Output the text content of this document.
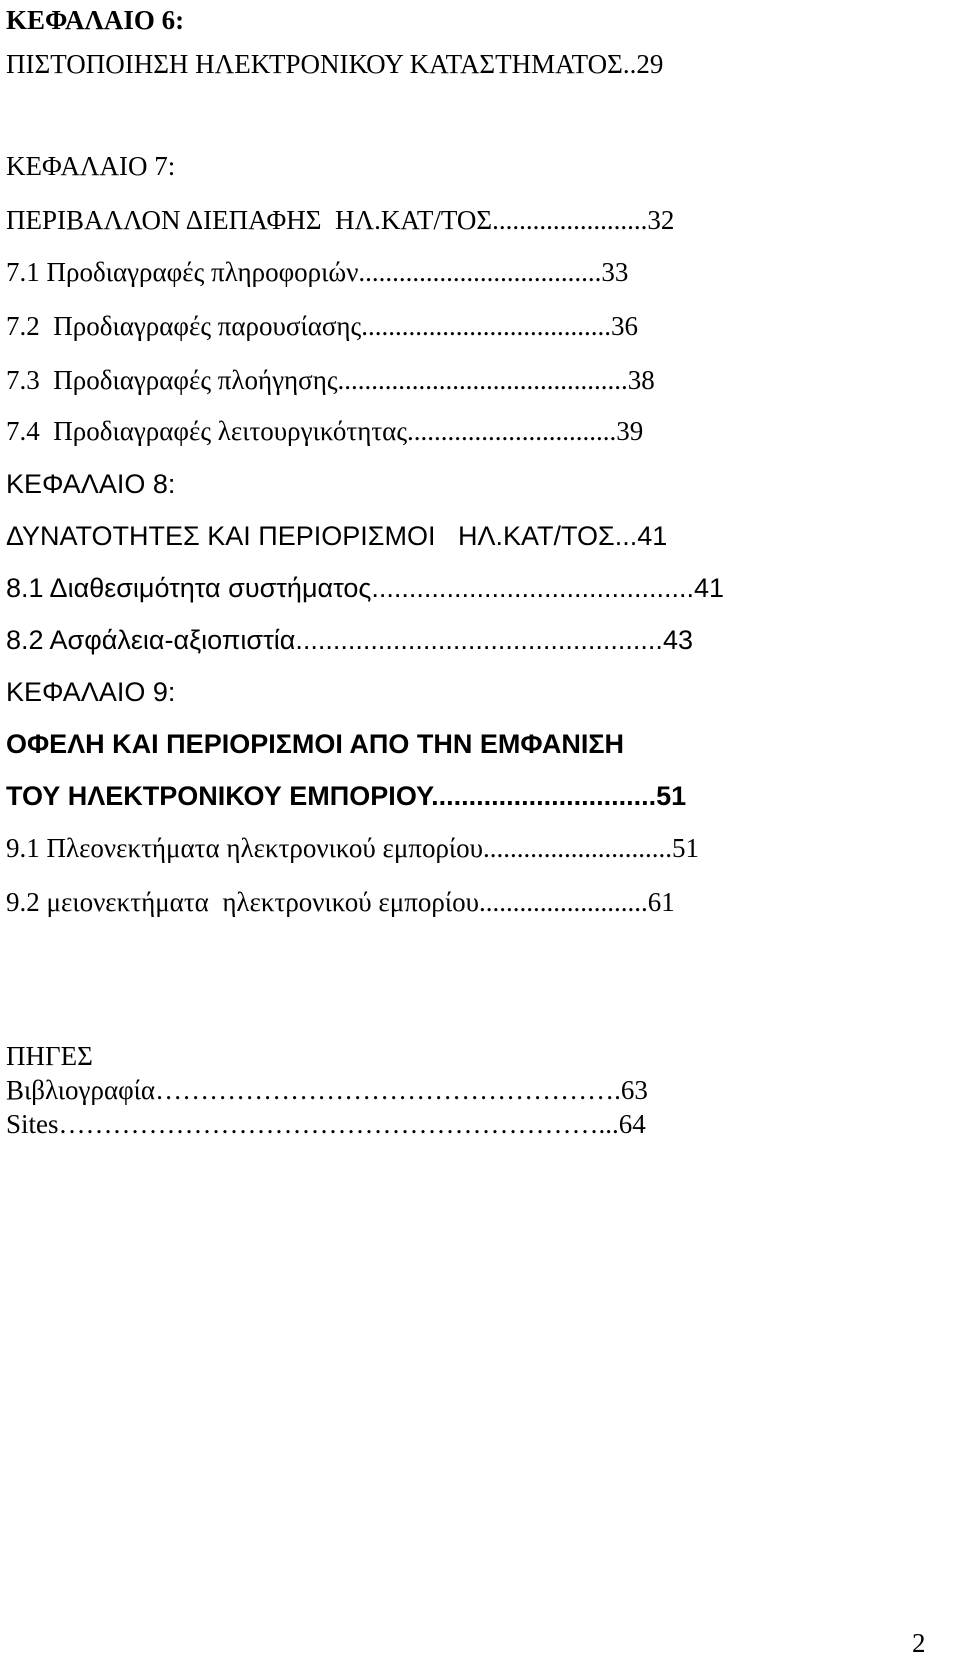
ΚΕΦΑΛΑΙΟ 6:
ΠΙΣΤΟΠΟΙΗΣΗ ΗΛΕΚΤΡΟΝΙΚΟΥ ΚΑΤΑΣΤΗΜΑΤΟΣ..29
ΚΕΦΑΛΑΙΟ 7:
ΠΕΡΙΒΑΛΛΟΝ ΔΙΕΠΑΦΗΣ  ΗΛ.ΚΑΤ/ΤΟΣ.......................32
7.1 Προδιαγραφές πληροφοριών....................................33
7.2  Προδιαγραφές παρουσίασης.....................................36
7.3  Προδιαγραφές πλοήγησης...........................................38
7.4  Προδιαγραφές λειτουργικότητας...............................39
ΚΕΦΑΛΑΙΟ 8:
ΔΥΝΑΤΟΤΗΤΕΣ ΚΑΙ ΠΕΡΙΟΡΙΣΜΟΙ   ΗΛ.ΚΑΤ/ΤΟΣ...41
8.1 Διαθεσιμότητα συστήματος...........................................41
8.2 Ασφάλεια-αξιοπιστία.................................................43
ΚΕΦΑΛΑΙΟ 9:
ΟΦΕΛΗ ΚΑΙ ΠΕΡΙΟΡΙΣΜΟΙ ΑΠΟ ΤΗΝ ΕΜΦΑΝΙΣΗ
ΤΟΥ ΗΛΕΚΤΡΟΝΙΚΟΥ ΕΜΠΟΡΙΟΥ..............................51
9.1 Πλεονεκτήματα ηλεκτρονικού εμπορίου............................51
9.2 μειονεκτήματα  ηλεκτρονικού εμπορίου.........................61
ΠΗΓΕΣ
Βιβλιογραφία…………………………………………….63
Sites……………………………………………………...64
2
